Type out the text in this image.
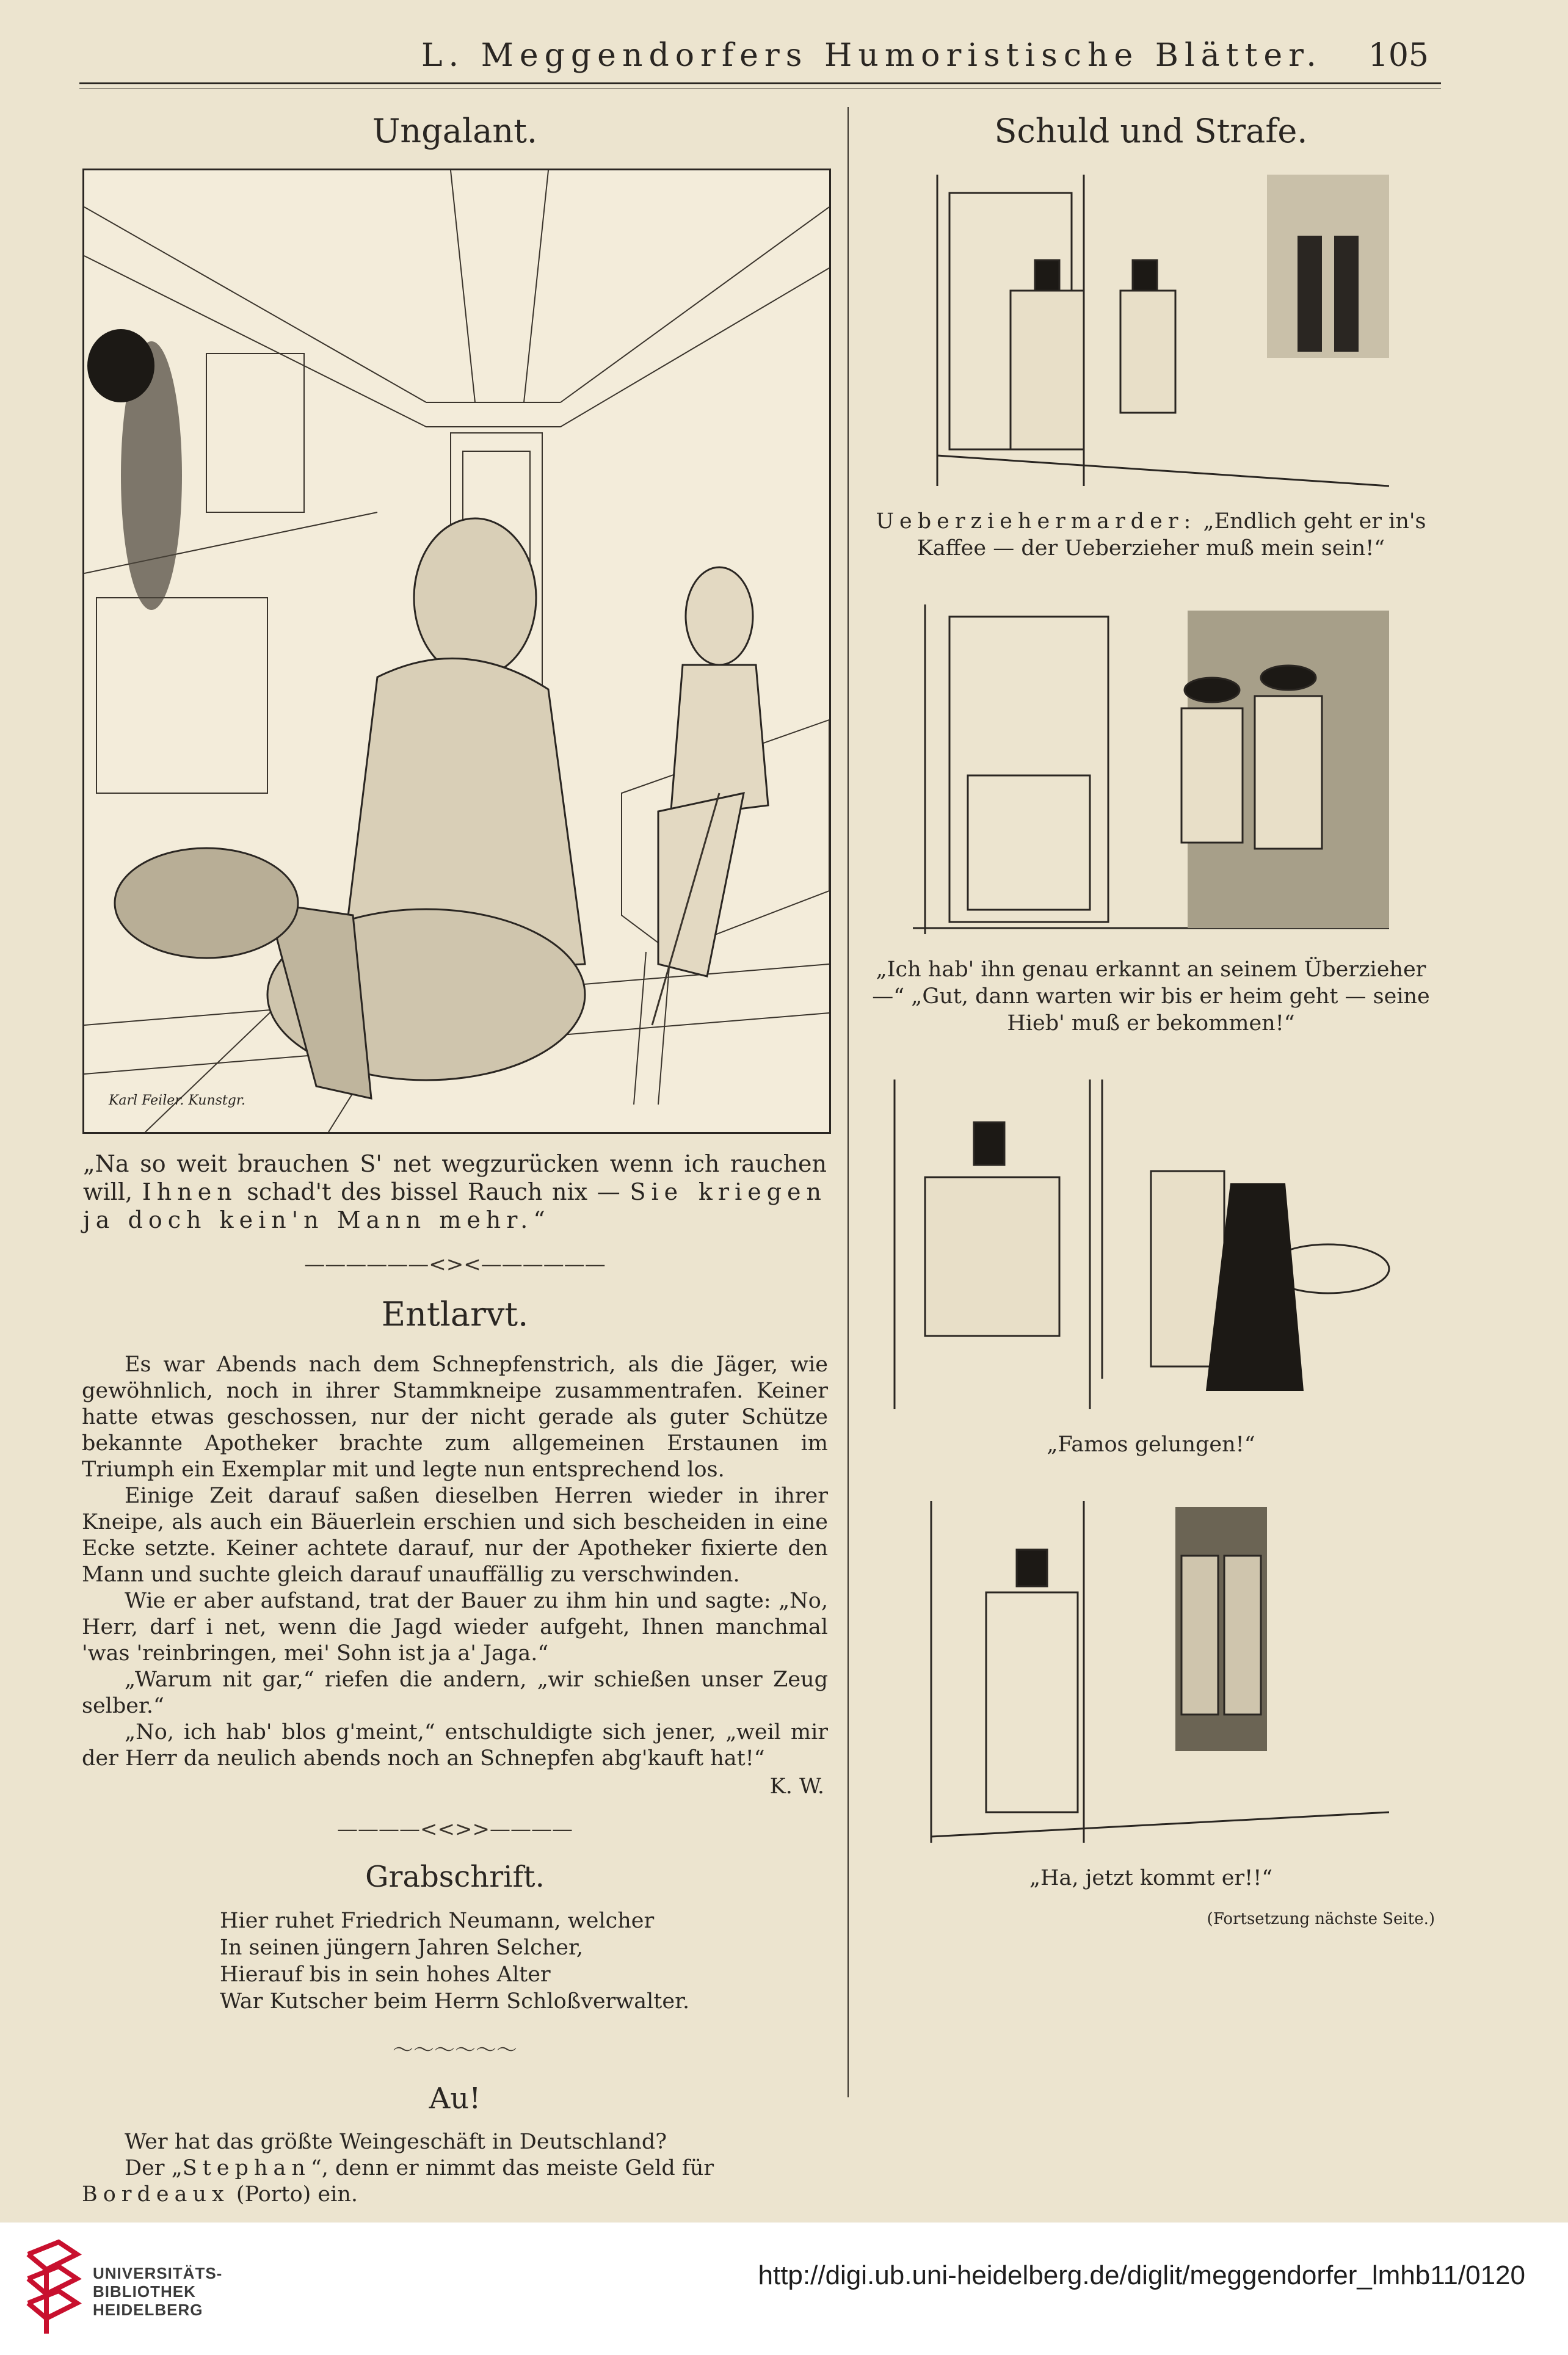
L. Meggendorfers Humoristische Blätter. 105
Ungalant.
Karl Feiler. Kunstgr.
„Na so weit brauchen S' net wegzurücken wenn ich rauchen will, Ihnen schad't des bissel Rauch nix — Sie kriegen ja doch kein'n Mann mehr.“
——————<><——————
Entlarvt.

Es war Abends nach dem Schnepfenstrich, als die Jäger, wie gewöhnlich, noch in ihrer Stammkneipe zusammentrafen. Keiner hatte etwas geschossen, nur der nicht gerade als guter Schütze bekannte Apotheker brachte zum allgemeinen Erstaunen im Triumph ein Exemplar mit und legte nun entsprechend los.

Einige Zeit darauf saßen dieselben Herren wieder in ihrer Kneipe, als auch ein Bäuerlein erschien und sich bescheiden in eine Ecke setzte. Keiner achtete darauf, nur der Apotheker fixierte den Mann und suchte gleich darauf unauffällig zu verschwinden.

Wie er aber aufstand, trat der Bauer zu ihm hin und sagte: „No, Herr, darf i net, wenn die Jagd wieder aufgeht, Ihnen manchmal 'was 'reinbringen, mei' Sohn ist ja a' Jaga.“

„Warum nit gar,“ riefen die andern, „wir schießen unser Zeug selber.“

„No, ich hab' blos g'meint,“ entschuldigte sich jener, „weil mir der Herr da neulich abends noch an Schnepfen abg'kauft hat!“

K. W.
————<<>>————
Grabschrift.
Hier ruhet Friedrich Neumann, welcher
In seinen jüngern Jahren Selcher,
Hierauf bis in sein hohes Alter
War Kutscher beim Herrn Schloßverwalter.
～～～～～～
Au!

Wer hat das größte Weingeschäft in Deutschland?

Der „Stephan“, denn er nimmt das meiste Geld für

Bordeaux (Porto) ein.
Schuld und Strafe.
Ueberziehermarder: „Endlich geht er in's Kaffee — der Ueberzieher muß mein sein!“
„Ich hab' ihn genau erkannt an seinem Überzieher —“ „Gut, dann warten wir bis er heim geht — seine Hieb' muß er bekommen!“
„Famos gelungen!“
„Ha, jetzt kommt er!!“
(Fortsetzung nächste Seite.)
UNIVERSITÄTS-
BIBLIOTHEK
HEIDELBERG
http://digi.ub.uni-heidelberg.de/diglit/meggendorfer_lmhb11/0120
